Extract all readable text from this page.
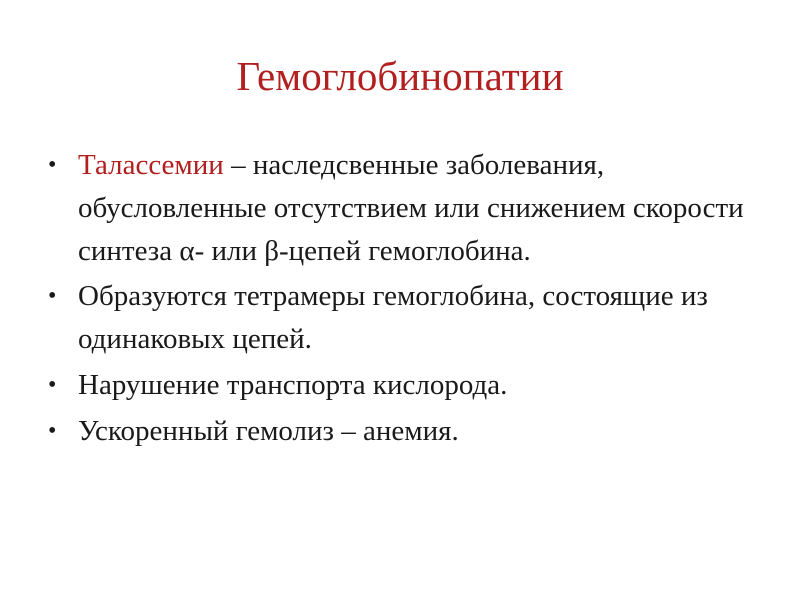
Гемоглобинопатии
• Талассемии – наследсвенные заболевания, обусловленные отсутствием или снижением скорости синтеза α- или β-цепей гемоглобина.
• Образуются тетрамеры гемоглобина, состоящие из одинаковых цепей.
• Нарушение транспорта кислорода.
• Ускоренный гемолиз – анемия.
